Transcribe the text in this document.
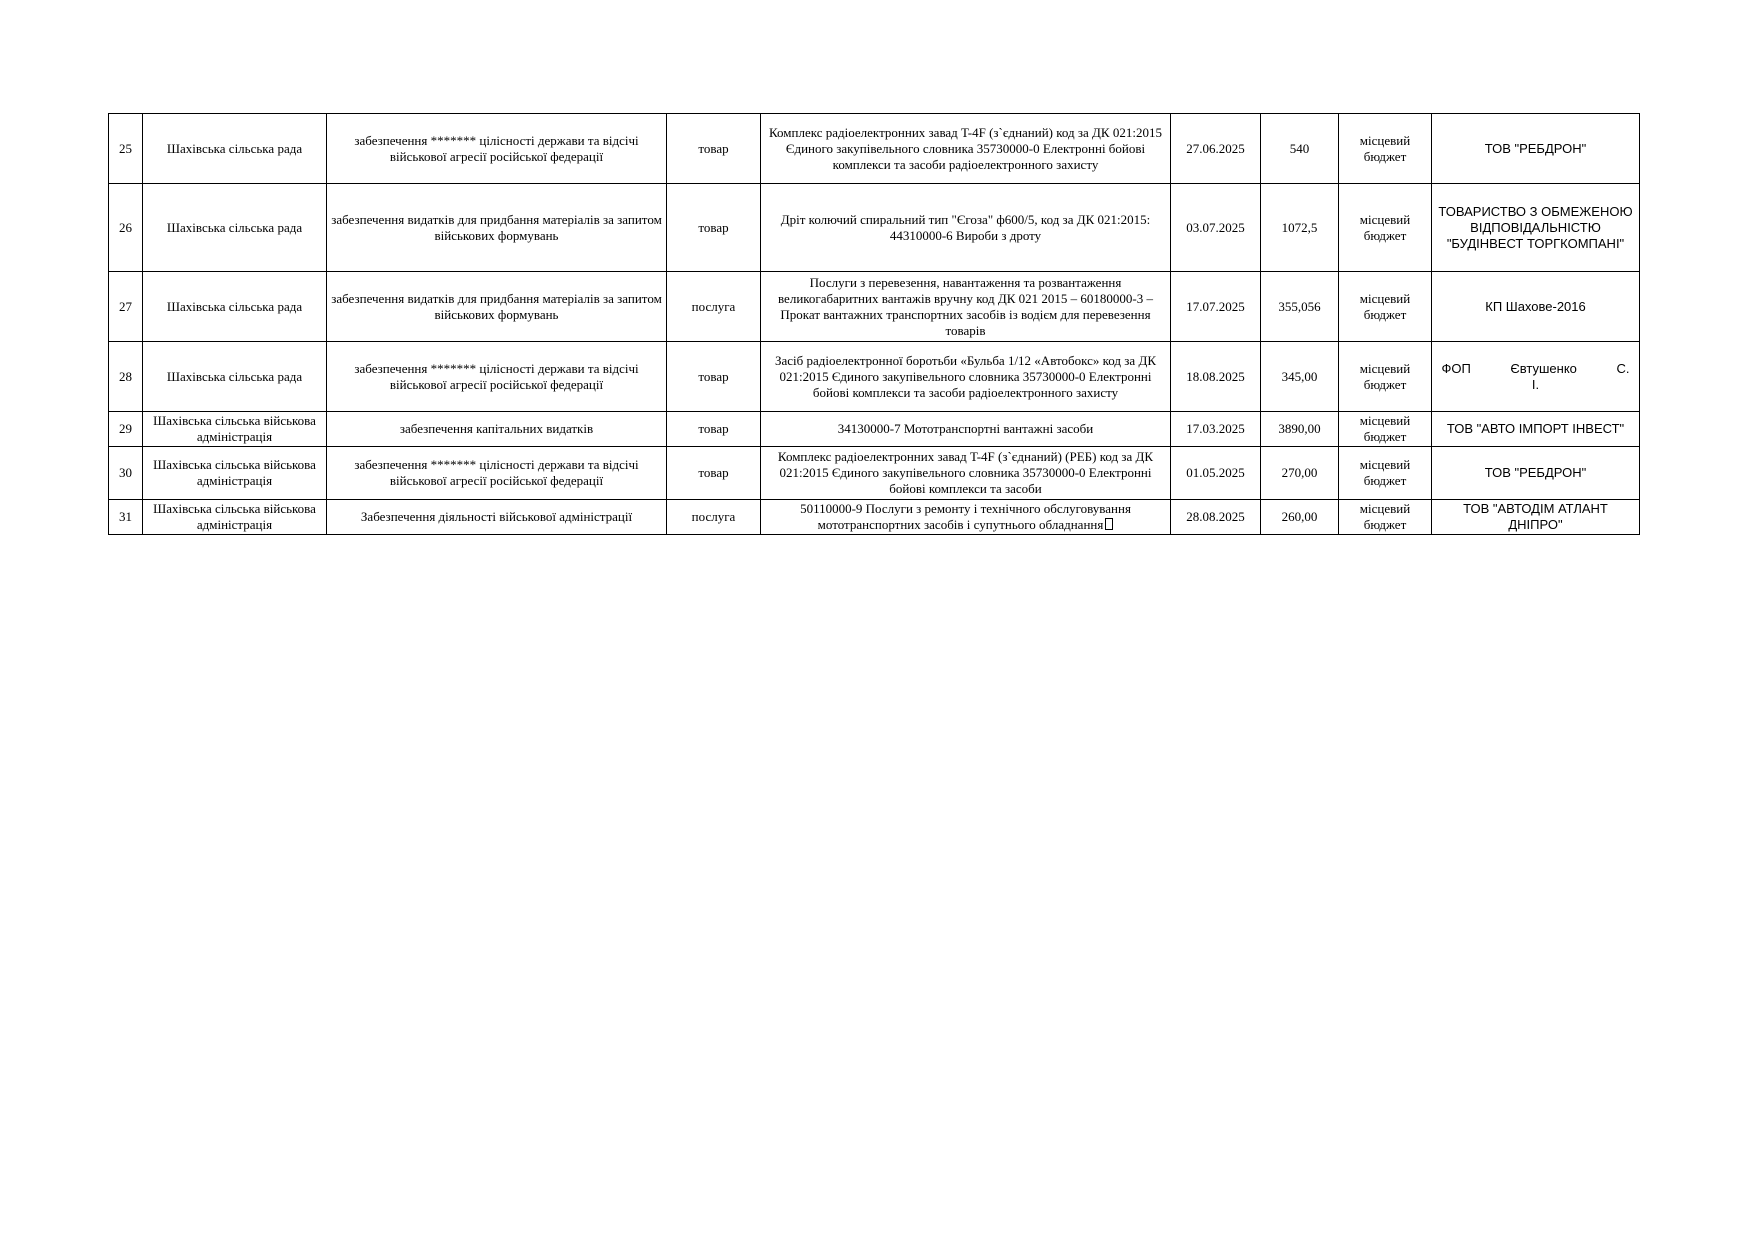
25	Шахівська сільська рада	забезпечення ******* цілісності держави та відсічі військової агресії російської федерації	товар	Комплекс радіоелектронних завад T-4F (з`єднаний) код за ДК 021:2015 Єдиного закупівельного словника 35730000-0 Електронні бойові комплекси та засоби радіоелектронного захисту	27.06.2025	540	місцевий бюджет	ТОВ "РЕБДРОН"
26	Шахівська сільська рада	забезпечення видатків для придбання матеріалів за запитом військових формувань	товар	Дріт колючий спиральний тип "Єгоза" ф600/5, код за ДК 021:2015: 44310000-6 Вироби з дроту	03.07.2025	1072,5	місцевий бюджет	ТОВАРИСТВО З ОБМЕЖЕНОЮ ВІДПОВІДАЛЬНІСТЮ "БУДІНВЕСТ ТОРГКОМПАНІ"
27	Шахівська сільська рада	забезпечення видатків для придбання матеріалів за запитом військових формувань	послуга	Послуги з перевезення, навантаження та розвантаження великогабаритних вантажів вручну код ДК 021 2015 – 60180000-3 – Прокат вантажних транспортних засобів із водієм для перевезення товарів	17.07.2025	355,056	місцевий бюджет	КП Шахове-2016
28	Шахівська сільська рада	забезпечення ******* цілісності держави та відсічі військової агресії російської федерації	товар	Засіб радіоелектронної боротьби «Бульба 1/12 «Автобокс» код за ДК 021:2015 Єдиного закупівельного словника 35730000-0 Електронні бойові комплекси та засоби радіоелектронного захисту	18.08.2025	345,00	місцевий бюджет	ФОП Євтушенко С. І.
29	Шахівська сільська військова адміністрація	забезпечення капітальних видатків	товар	34130000-7 Мототранспортні вантажні засоби	17.03.2025	3890,00	місцевий бюджет	ТОВ "АВТО ІМПОРТ ІНВЕСТ"
30	Шахівська сільська військова адміністрація	забезпечення ******* цілісності держави та відсічі військової агресії російської федерації	товар	Комплекс радіоелектронних завад T-4F (з`єднаний) (РЕБ) код за ДК 021:2015 Єдиного закупівельного словника 35730000-0 Електронні бойові комплекси та засоби	01.05.2025	270,00	місцевий бюджет	ТОВ "РЕБДРОН"
31	Шахівська сільська військова адміністрація	Забезпечення діяльності військової адміністрації	послуга	50110000-9 Послуги з ремонту і технічного обслуговування мототранспортних засобів і супутнього обладнання	28.08.2025	260,00	місцевий бюджет	ТОВ "АВТОДІМ АТЛАНТ ДНІПРО"
